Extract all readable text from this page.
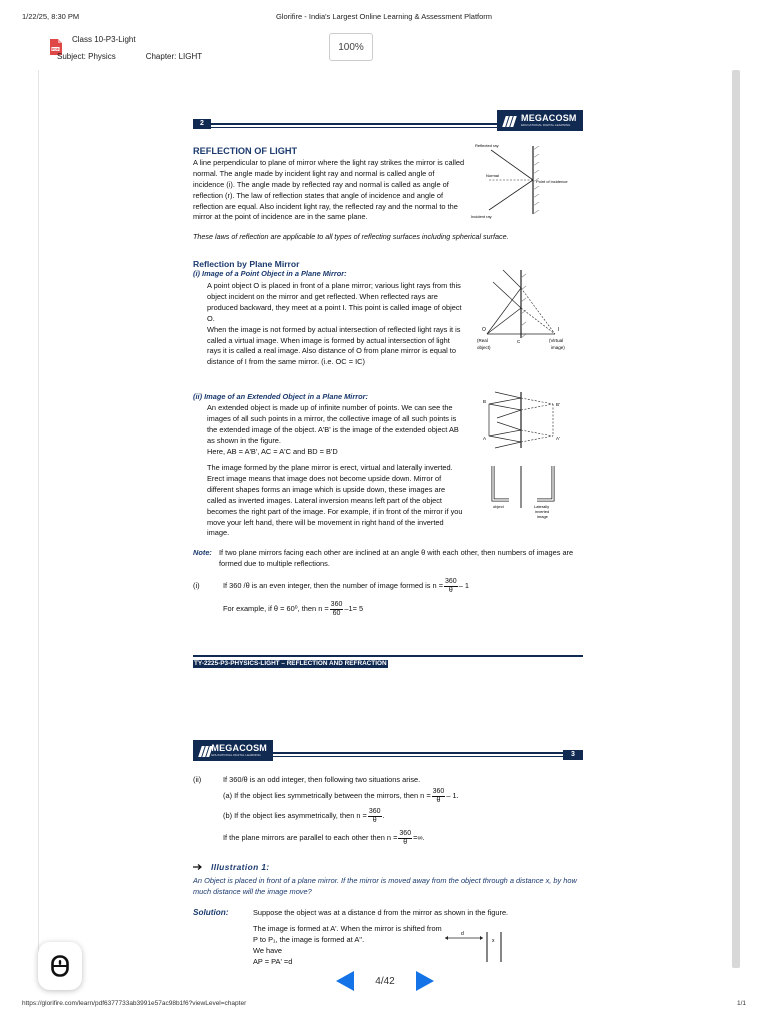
1/22/25, 8:30 PM	Glorifire - India's Largest Online Learning & Assessment Platform
PDF
Class 10-P3-Light
Subject: Physics	Chapter: LIGHT
100%
2
MEGACOSM
EDUCATIONAL DIGITAL LEARNING
REFLECTION OF LIGHT

A line perpendicular to plane of mirror where the light ray strikes the mirror is called normal. The angle made by incident light ray and normal is called angle of incidence (i). The angle made by reflected ray and normal is called as angle of reflection (r). The law of reflection states that angle of incidence and angle of reflection are equal. Also incident light ray, the reflected ray and the normal to the mirror at the point of incidence are in the same plane.

These laws of reflection are applicable to all types of reflecting surfaces including spherical surface.

Reflected ray
Normal
Point of incidence
Incident ray
Reflection by Plane Mirror
(i) Image of a Point Object in a Plane Mirror:

A point object O is placed in front of a plane mirror; various light rays from this object incident on the mirror and get reflected. When reflected rays are produced backward, they meet at a point I. This point is called image of object O.

When the image is not formed by actual intersection of reflected light rays it is called a virtual image. When image is formed by actual intersection of light rays it is called a real image. Also distance of O from plane mirror is equal to distance of I from the same mirror. (i.e. OC = IC)

O	I
C
(Real
object)
(Virtual
image)
(ii) Image of an Extended Object in a Plane Mirror:

An extended object is made up of infinite number of points. We can see the images of all such points in a mirror, the collective image of all such points is the extended image of the object. A'B' is the image of the extended object AB as shown in the figure.

Here, AB = A'B', AC = A'C and BD = B'D

The image formed by the plane mirror is erect, virtual and laterally inverted. Erect image means that image does not become upside down. Mirror of different shapes forms an image which is upside down, these images are called as inverted images. Lateral inversion means left part of the object becomes the right part of the image. For example, if in front of the mirror if you move your left hand, there will be movement in right hand of the inverted image.

B
B'
A	A'
object	Laterally
inverted
image
Note: If two plane mirrors facing each other are inclined at an angle θ with each other, then numbers of images are formed due to multiple reflections.

(i)	If 360 /θ is an even integer, then the number of image formed is $n = \frac{360}{\theta} - 1$
For example, if θ = 60⁰, then $n = \frac{360}{60} -1= 5$
TY-2225-P3-PHYSICS-LIGHT – REFLECTION AND REFRACTION
MEGACOSM
EDUCATIONAL DIGITAL LEARNING	3
(ii)	If 360/θ is an odd integer, then following two situations arise.
(a) If the object lies symmetrically between the mirrors, then $n = \frac{360}{\theta} - 1$.
(b) If the object lies asymmetrically, then $n = \frac{360}{\theta}$ .
If the plane mirrors are parallel to each other then $n = \frac{360}{\theta}$ =∞.
Illustration 1:

An Object is placed in front of a plane mirror. If the mirror is moved away from the object through a distance x, by how much distance will the image move?

Solution:	Suppose the object was at a distance d from the mirror as shown in the figure.

The image is formed at A'. When the mirror is shifted from P to P₁, the image is formed at A''.

We have

AP = PA' =d

d
x
4/42
https://glorifire.com/learn/pdf6377733ab3991e57ac98b1f6?viewLevel=chapter	1/1
